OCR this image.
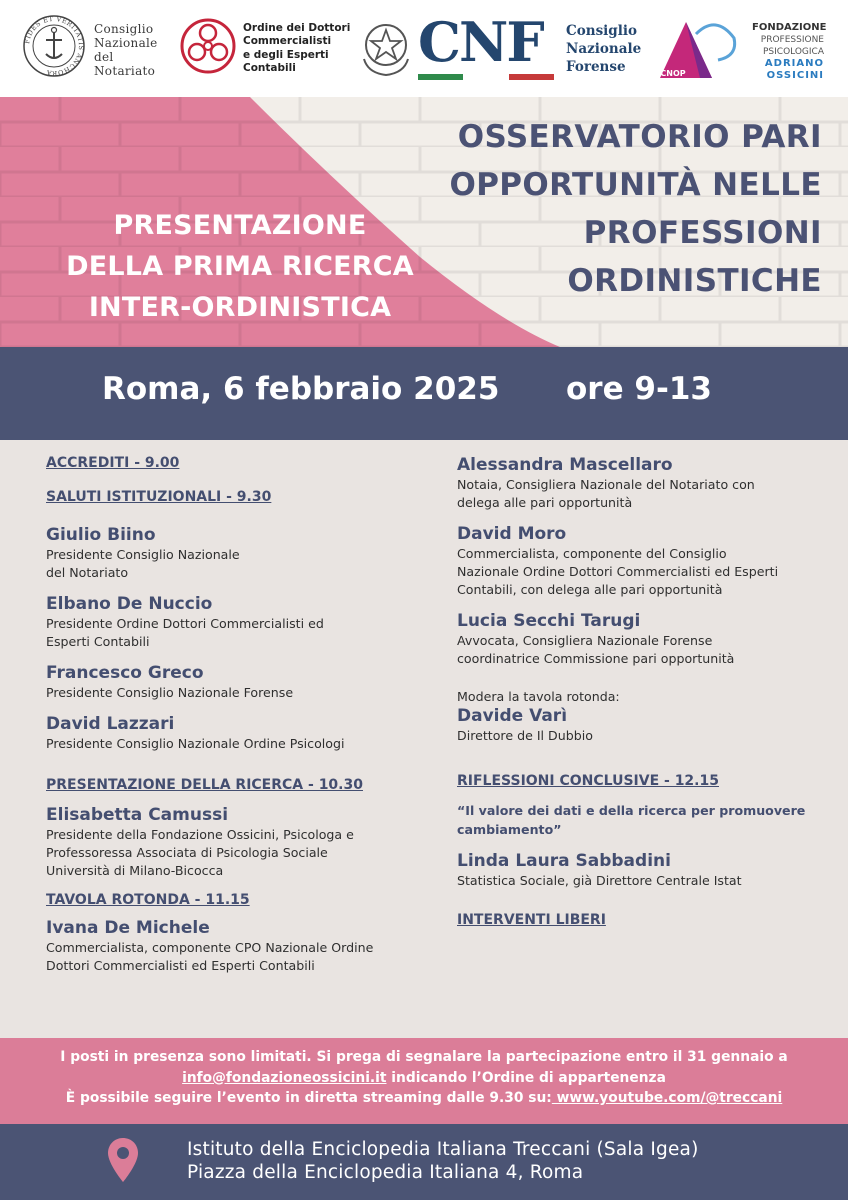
FIDES ET VERITATIS ANCHORA
Consiglio
Nazionale
del
Notariato
Ordine dei Dottori
Commercialisti
e degli Esperti
Contabili	CNF Consiglio
Nazionale
Forense	CNOP
FONDAZIONE
PROFESSIONE
PSICOLOGICA
ADRIANO
OSSICINI
PRESENTAZIONE
DELLA PRIMA RICERCA
INTER-ORDINISTICA
OSSERVATORIO PARI
OPPORTUNITÀ NELLE
PROFESSIONI
ORDINISTICHE
Roma, 6 febbraio 2025 ore 9-13
ACCREDITI - 9.00
SALUTI ISTITUZIONALI - 9.30
Giulio Biino
Presidente Consiglio Nazionale
del Notariato
Elbano De Nuccio
Presidente Ordine Dottori Commercialisti ed
Esperti Contabili
Francesco Greco
Presidente Consiglio Nazionale Forense
David Lazzari
Presidente Consiglio Nazionale Ordine Psicologi
PRESENTAZIONE DELLA RICERCA - 10.30
Elisabetta Camussi
Presidente della Fondazione Ossicini, Psicologa e
Professoressa Associata di Psicologia Sociale
Università di Milano-Bicocca
TAVOLA ROTONDA - 11.15
Ivana De Michele
Commercialista, componente CPO Nazionale Ordine
Dottori Commercialisti ed Esperti Contabili
Alessandra Mascellaro
Notaia, Consigliera Nazionale del Notariato con
delega alle pari opportunità
David Moro
Commercialista, componente del Consiglio
Nazionale Ordine Dottori Commercialisti ed Esperti
Contabili, con delega alle pari opportunità
Lucia Secchi Tarugi
Avvocata, Consigliera Nazionale Forense
coordinatrice Commissione pari opportunità
Modera la tavola rotonda:
Davide Varì
Direttore de Il Dubbio
RIFLESSIONI CONCLUSIVE - 12.15
“Il valore dei dati e della ricerca per promuovere
cambiamento”
Linda Laura Sabbadini
Statistica Sociale, già Direttore Centrale Istat
INTERVENTI LIBERI
I posti in presenza sono limitati. Si prega di segnalare la partecipazione entro il 31 gennaio a
info@fondazioneossicini.it indicando l’Ordine di appartenenza
È possibile seguire l’evento in diretta streaming dalle 9.30 su: www.youtube.com/@treccani
Istituto della Enciclopedia Italiana Treccani (Sala Igea)
Piazza della Enciclopedia Italiana 4, Roma
